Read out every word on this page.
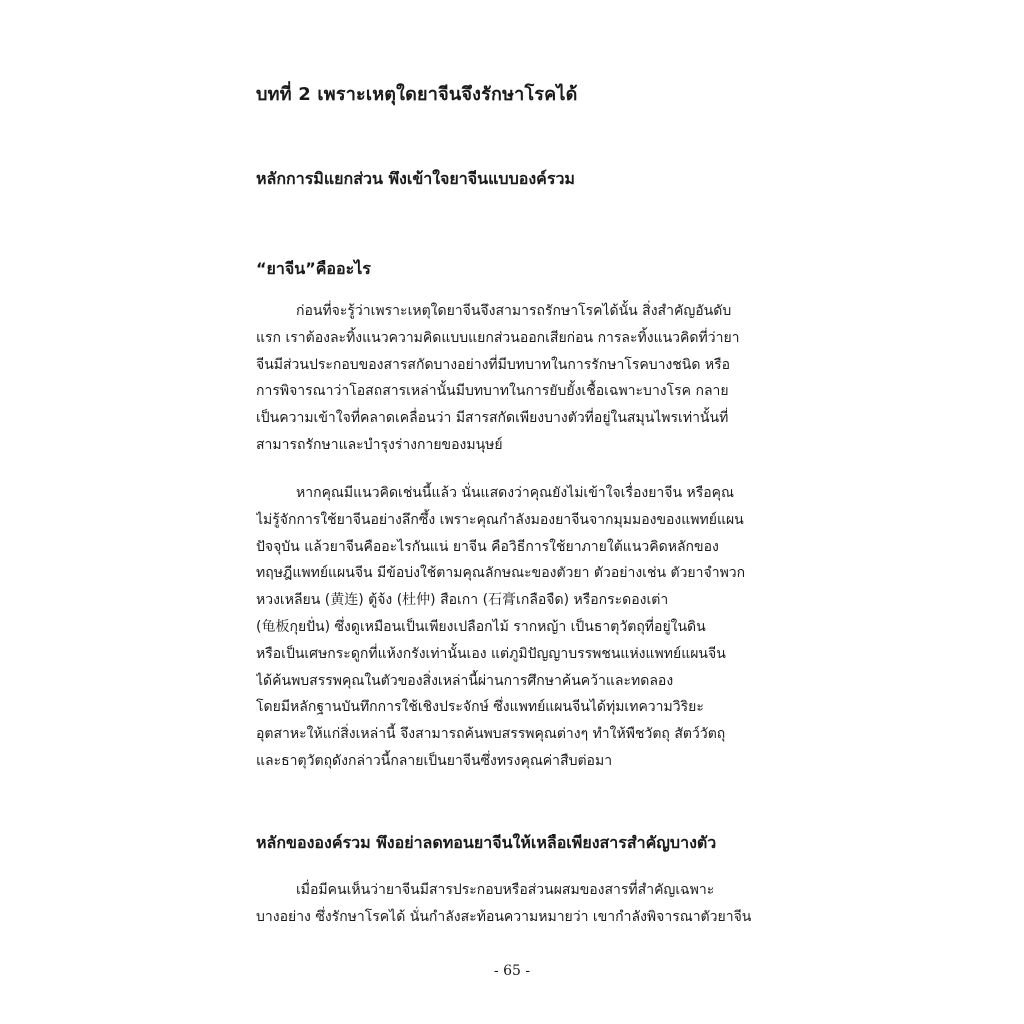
บทที่ 2 เพราะเหตุใดยาจีนจึงรักษาโรคได้
หลักการมิแยกส่วน พึงเข้าใจยาจีนแบบองค์รวม
“ยาจีน”คืออะไร
ก่อนที่จะรู้ว่าเพราะเหตุใดยาจีนจึงสามารถรักษาโรคได้นั้น สิ่งสำคัญอันดับ
แรก เราต้องละทิ้งแนวความคิดแบบแยกส่วนออกเสียก่อน การละทิ้งแนวคิดที่ว่ายา
จีนมีส่วนประกอบของสารสกัดบางอย่างที่มีบทบาทในการรักษาโรคบางชนิด หรือ
การพิจารณาว่าโอสถสารเหล่านั้นมีบทบาทในการยับยั้งเชื้อเฉพาะบางโรค กลาย
เป็นความเข้าใจที่คลาดเคลื่อนว่า มีสารสกัดเพียงบางตัวที่อยู่ในสมุนไพรเท่านั้นที่
สามารถรักษาและบำรุงร่างกายของมนุษย์
หากคุณมีแนวคิดเช่นนี้แล้ว นั่นแสดงว่าคุณยังไม่เข้าใจเรื่องยาจีน หรือคุณ
ไม่รู้จักการใช้ยาจีนอย่างลึกซึ้ง เพราะคุณกำลังมองยาจีนจากมุมมองของแพทย์แผน
ปัจจุบัน แล้วยาจีนคืออะไรกันแน่ ยาจีน คือวิธีการใช้ยาภายใต้แนวคิดหลักของ
ทฤษฎีแพทย์แผนจีน มีข้อบ่งใช้ตามคุณลักษณะของตัวยา ตัวอย่างเช่น ตัวยาจำพวก
หวงเหลียน (黄连) ตู้จ้ง (杜仲) สือเกา (石膏เกลือจืด) หรือกระดองเต่า
(龟板กุยปั่น) ซึ่งดูเหมือนเป็นเพียงเปลือกไม้ รากหญ้า เป็นธาตุวัตถุที่อยู่ในดิน
หรือเป็นเศษกระดูกที่แห้งกรังเท่านั้นเอง แต่ภูมิปัญญาบรรพชนแห่งแพทย์แผนจีน
ได้ค้นพบสรรพคุณในตัวของสิ่งเหล่านี้ผ่านการศึกษาค้นคว้าและทดลอง
โดยมีหลักฐานบันทึกการใช้เชิงประจักษ์ ซึ่งแพทย์แผนจีนได้ทุ่มเทความวิริยะ
อุตสาหะให้แก่สิ่งเหล่านี้ จึงสามารถค้นพบสรรพคุณต่างๆ ทำให้พืชวัตถุ สัตว์วัตถุ
และธาตุวัตถุดังกล่าวนี้กลายเป็นยาจีนซึ่งทรงคุณค่าสืบต่อมา
หลักขององค์รวม พึงอย่าลดทอนยาจีนให้เหลือเพียงสารสำคัญบางตัว
เมื่อมีคนเห็นว่ายาจีนมีสารประกอบหรือส่วนผสมของสารที่สำคัญเฉพาะ
บางอย่าง ซึ่งรักษาโรคได้ นั่นกำลังสะท้อนความหมายว่า เขากำลังพิจารณาตัวยาจีน
- 65 -
